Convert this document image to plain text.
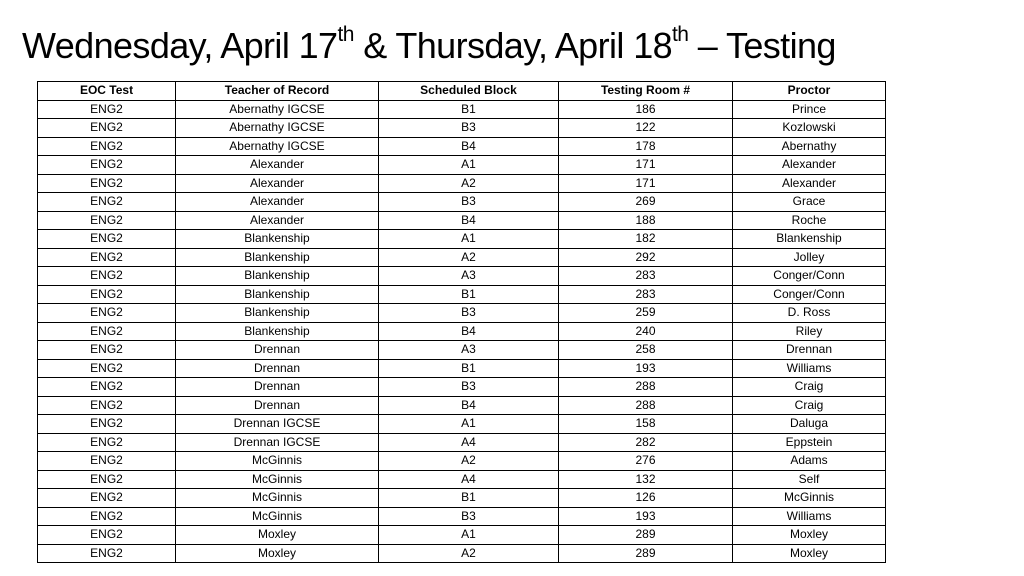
Wednesday, April 17th & Thursday, April 18th – Testing
EOC Test	Teacher of Record	Scheduled Block	Testing Room #	Proctor
ENG2	Abernathy IGCSE	B1	186	Prince
ENG2	Abernathy IGCSE	B3	122	Kozlowski
ENG2	Abernathy IGCSE	B4	178	Abernathy
ENG2	Alexander	A1	171	Alexander
ENG2	Alexander	A2	171	Alexander
ENG2	Alexander	B3	269	Grace
ENG2	Alexander	B4	188	Roche
ENG2	Blankenship	A1	182	Blankenship
ENG2	Blankenship	A2	292	Jolley
ENG2	Blankenship	A3	283	Conger/Conn
ENG2	Blankenship	B1	283	Conger/Conn
ENG2	Blankenship	B3	259	D. Ross
ENG2	Blankenship	B4	240	Riley
ENG2	Drennan	A3	258	Drennan
ENG2	Drennan	B1	193	Williams
ENG2	Drennan	B3	288	Craig
ENG2	Drennan	B4	288	Craig
ENG2	Drennan IGCSE	A1	158	Daluga
ENG2	Drennan IGCSE	A4	282	Eppstein
ENG2	McGinnis	A2	276	Adams
ENG2	McGinnis	A4	132	Self
ENG2	McGinnis	B1	126	McGinnis
ENG2	McGinnis	B3	193	Williams
ENG2	Moxley	A1	289	Moxley
ENG2	Moxley	A2	289	Moxley
